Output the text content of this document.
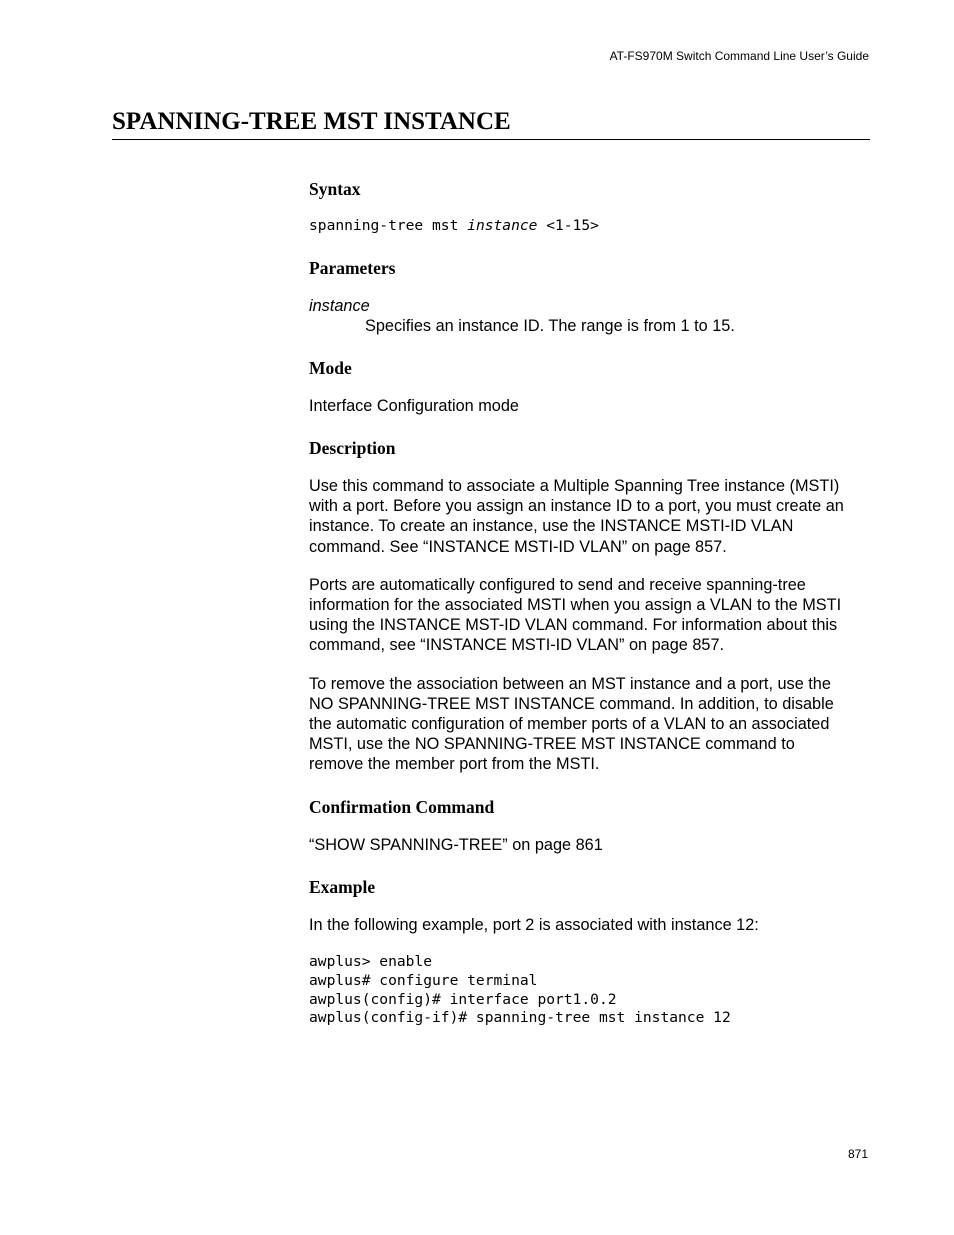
AT-FS970M Switch Command Line User’s Guide
SPANNING-TREE MST INSTANCE
Syntax

spanning-tree mst instance <1-15>

Parameters

instance

Specifies an instance ID. The range is from 1 to 15.

Mode

Interface Configuration mode

Description
Use this command to associate a Multiple Spanning Tree instance (MSTI)
with a port. Before you assign an instance ID to a port, you must create an
instance. To create an instance, use the INSTANCE MSTI-ID VLAN
command. See “INSTANCE MSTI-ID VLAN” on page 857.
Ports are automatically configured to send and receive spanning-tree
information for the associated MSTI when you assign a VLAN to the MSTI
using the INSTANCE MST-ID VLAN command. For information about this
command, see “INSTANCE MSTI-ID VLAN” on page 857.
To remove the association between an MST instance and a port, use the
NO SPANNING-TREE MST INSTANCE command. In addition, to disable
the automatic configuration of member ports of a VLAN to an associated
MSTI, use the NO SPANNING-TREE MST INSTANCE command to
remove the member port from the MSTI.
Confirmation Command

“SHOW SPANNING-TREE” on page 861

Example

In the following example, port 2 is associated with instance 12:

awplus> enable
awplus# configure terminal
awplus(config)# interface port1.0.2
awplus(config-if)# spanning-tree mst instance 12
871
